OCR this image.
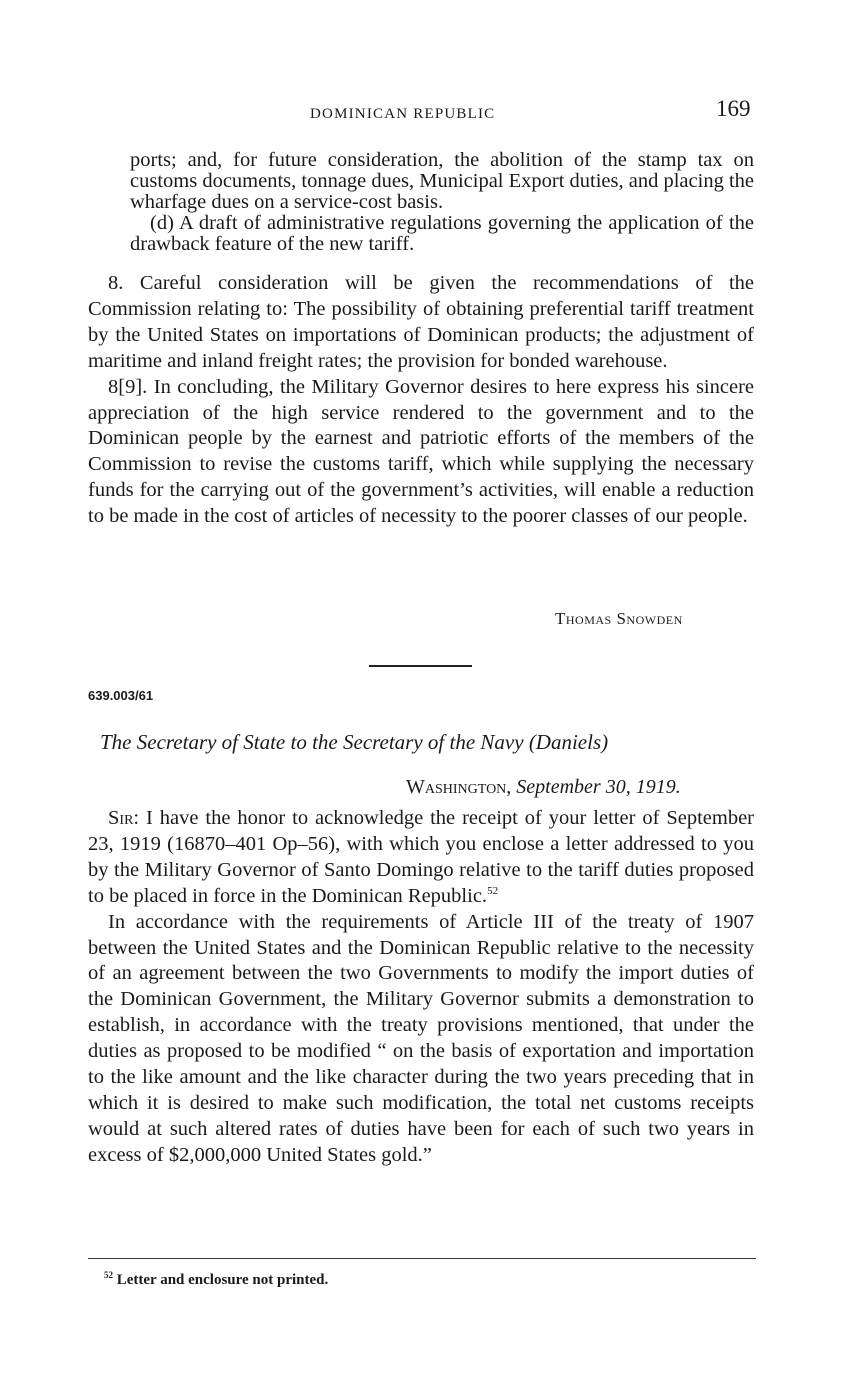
DOMINICAN REPUBLIC	169

ports; and, for future consideration, the abolition of the stamp tax on customs documents, tonnage dues, Municipal Export duties, and placing the wharfage dues on a service-cost basis.

(d) A draft of administrative regulations governing the application of the drawback feature of the new tariff.

8. Careful consideration will be given the recommendations of the Commission relating to: The possibility of obtaining preferential tariff treatment by the United States on importations of Dominican products; the adjustment of maritime and inland freight rates; the provision for bonded warehouse.

8[9]. In concluding, the Military Governor desires to here express his sincere appreciation of the high service rendered to the government and to the Dominican people by the earnest and patriotic efforts of the members of the Commission to revise the customs tariff, which while supplying the necessary funds for the carrying out of the government’s activities, will enable a reduction to be made in the cost of articles of necessity to the poorer classes of our people.

Thomas Snowden
639.003/61
The Secretary of State to the Secretary of the Navy (Daniels)
Washington, September 30, 1919.

Sir: I have the honor to acknowledge the receipt of your letter of September 23, 1919 (16870–401 Op–56), with which you enclose a letter addressed to you by the Military Governor of Santo Domingo relative to the tariff duties proposed to be placed in force in the Dominican Republic.$^{52}$

In accordance with the requirements of Article III of the treaty of 1907 between the United States and the Dominican Republic relative to the necessity of an agreement between the two Governments to modify the import duties of the Dominican Government, the Military Governor submits a demonstration to establish, in accordance with the treaty provisions mentioned, that under the duties as proposed to be modified “ on the basis of exportation and importation to the like amount and the like character during the two years preceding that in which it is desired to make such modification, the total net customs receipts would at such altered rates of duties have been for each of such two years in excess of $2,000,000 United States gold.”

$^{52}$ Letter and enclosure not printed.
